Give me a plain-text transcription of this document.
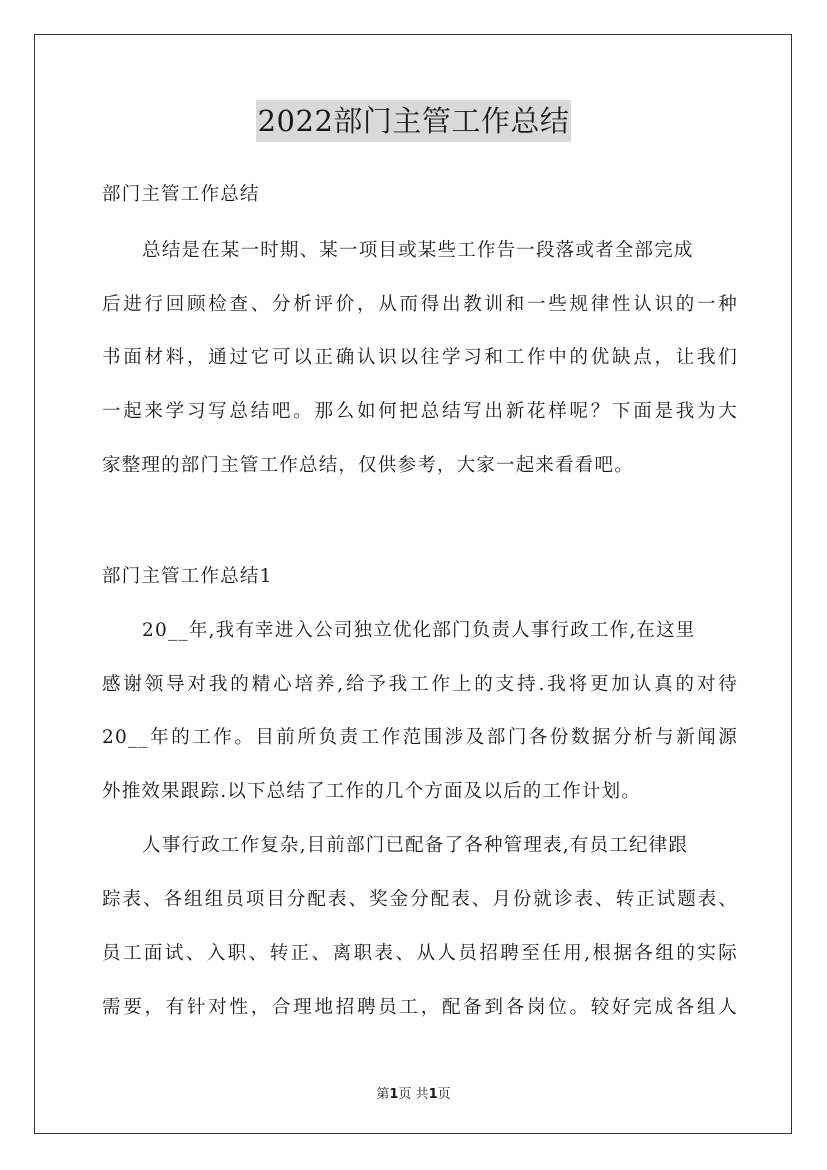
2022部门主管工作总结
部门主管工作总结
总结是在某一时期、某一项目或某些工作告一段落或者全部完成
后进行回顾检查、分析评价，从而得出教训和一些规律性认识的一种
书面材料，通过它可以正确认识以往学习和工作中的优缺点，让我们
一起来学习写总结吧。那么如何把总结写出新花样呢？下面是我为大
家整理的部门主管工作总结，仅供参考，大家一起来看看吧。
部门主管工作总结1
20__年,我有幸进入公司独立优化部门负责人事行政工作,在这里
感谢领导对我的精心培养,给予我工作上的支持.我将更加认真的对待
20__年的工作。目前所负责工作范围涉及部门各份数据分析与新闻源
外推效果跟踪.以下总结了工作的几个方面及以后的工作计划。
人事行政工作复杂,目前部门已配备了各种管理表,有员工纪律跟
踪表、各组组员项目分配表、奖金分配表、月份就诊表、转正试题表、
员工面试、入职、转正、离职表、从人员招聘至任用,根据各组的实际
需要，有针对性，合理地招聘员工，配备到各岗位。较好完成各组人
第1页 共1页
